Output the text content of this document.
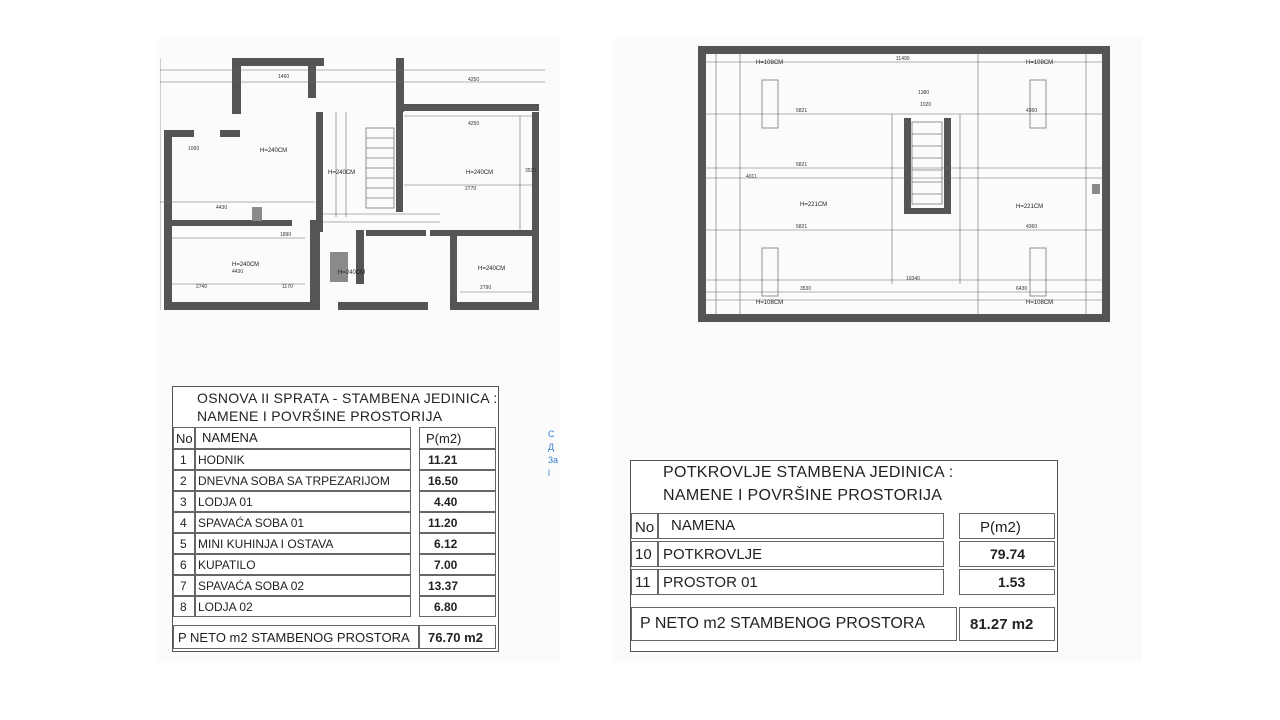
H=240CM
H=240CM	H=240CM
H=240CM
H=240CM
H=240CM
4250
4250
3520
4430
4430
2770
2790
1460
1890
1050
2740	1170
H=221CM	H=221CM
H=108CM	H=108CM
H=108CM	H=108CM
11490
10340
5821
5821
5821
4011
4360
4360
6430
3530
1020
1380
OSNOVA II SPRATA - STAMBENA JEDINICA :
NAMENE I POVRŠINE PROSTORIJA
No NAMENA	P(m2)
1 HODNIK	11.21
2 DNEVNA SOBA SA TRPEZARIJOM	16.50
3 LODJA 01	4.40
4 SPAVAĆA SOBA 01	11.20
5 MINI KUHINJA I OSTAVA	6.12
6 KUPATILO	7.00
7 SPAVAĆA SOBA 02	13.37
8 LODJA 02	6.80
P NETO m2 STAMBENOG PROSTORA 76.70 m2
POTKROVLJE STAMBENA JEDINICA :
NAMENE I POVRŠINE PROSTORIJA
No NAMENA	P(m2)
10 POTKROVLJE	79.74
11 PROSTOR 01	1.53
P NETO m2 STAMBENOG PROSTORA	81.27 m2
C
Д
3a
l
